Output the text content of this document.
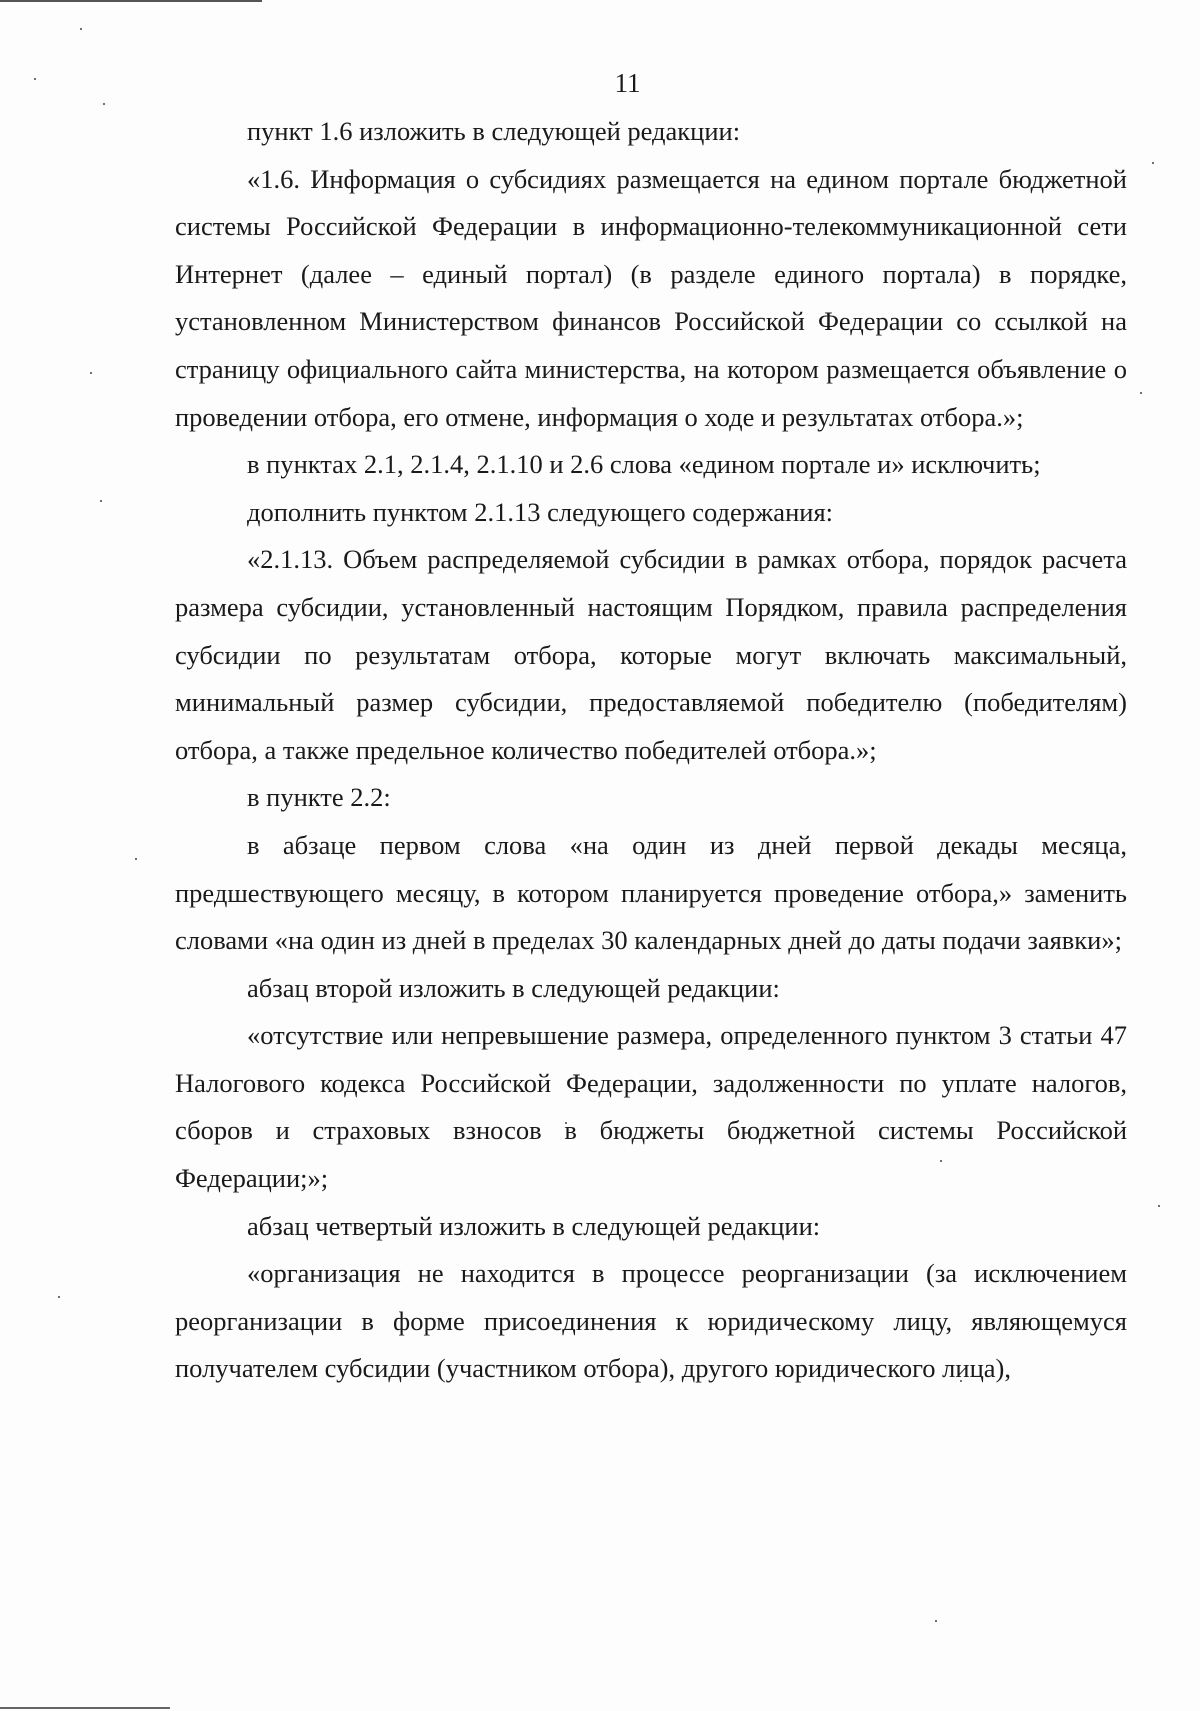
11

пункт 1.6 изложить в следующей редакции:

«1.6. Информация о субсидиях размещается на едином портале бюджетной системы Российской Федерации в информационно-телекоммуникационной сети Интернет (далее – единый портал) (в разделе единого портала) в порядке, установленном Министерством финансов Российской Федерации со ссылкой на страницу официального сайта министерства, на котором размещается объявление о проведении отбора, его отмене, информация о ходе и результатах отбора.»;

в пунктах 2.1, 2.1.4, 2.1.10 и 2.6 слова «едином портале и» исключить;

дополнить пунктом 2.1.13 следующего содержания:

«2.1.13. Объем распределяемой субсидии в рамках отбора, порядок расчета размера субсидии, установленный настоящим Порядком, правила распределения субсидии по результатам отбора, которые могут включать максимальный, минимальный размер субсидии, предоставляемой победителю (победителям) отбора, а также предельное количество победителей отбора.»;

в пункте 2.2:

в абзаце первом слова «на один из дней первой декады месяца, предшествующего месяцу, в котором планируется проведение отбора,» заменить словами «на один из дней в пределах 30 календарных дней до даты подачи заявки»;

абзац второй изложить в следующей редакции:

«отсутствие или непревышение размера, определенного пунктом 3 статьи 47 Налогового кодекса Российской Федерации, задолженности по уплате налогов, сборов и страховых взносов в бюджеты бюджетной системы Российской Федерации;»;

абзац четвертый изложить в следующей редакции:

«организация не находится в процессе реорганизации (за исключением реорганизации в форме присоединения к юридическому лицу, являющемуся получателем субсидии (участником отбора), другого юридического лица),
